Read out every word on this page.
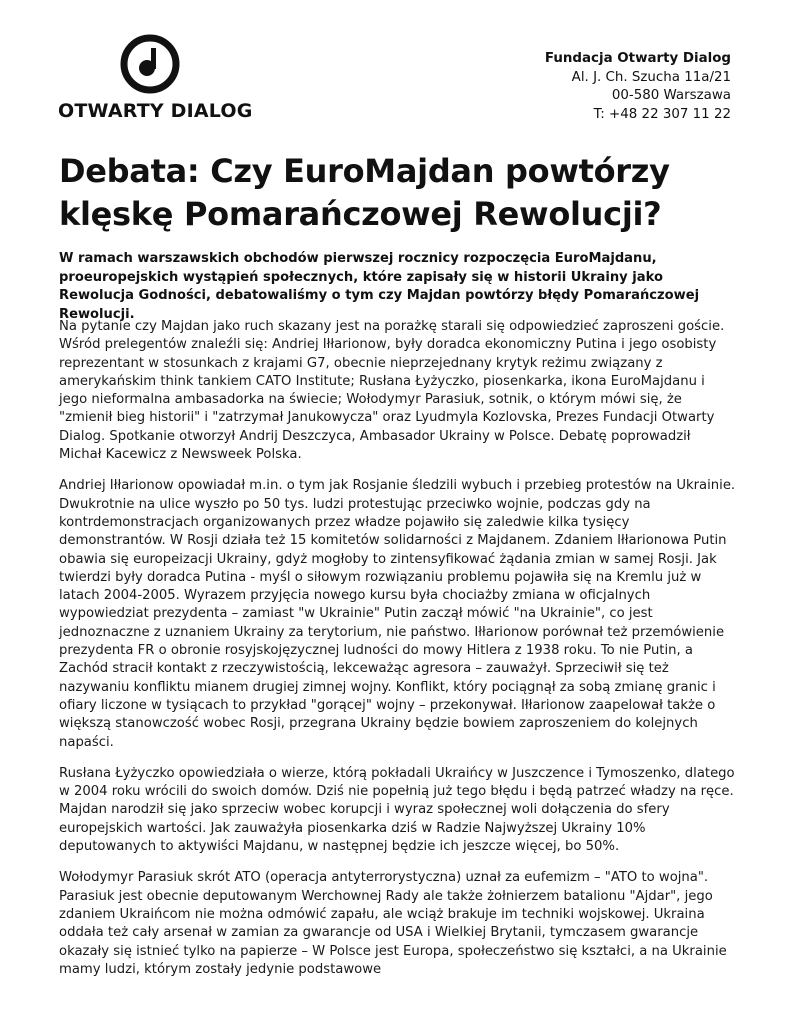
OTWARTY DIALOG
Fundacja Otwarty Dialog
Al. J. Ch. Szucha 11a/21
00-580 Warszawa
T: +48 22 307 11 22
Debata: Czy EuroMajdan powtórzy klęskę Pomarańczowej Rewolucji?

W ramach warszawskich obchodów pierwszej rocznicy rozpoczęcia EuroMajdanu, proeuropejskich wystąpień społecznych, które zapisały się w historii Ukrainy jako Rewolucja Godności, debatowaliśmy o tym czy Majdan powtórzy błędy Pomarańczowej Rewolucji.

Na pytanie czy Majdan jako ruch skazany jest na porażkę starali się odpowiedzieć zaproszeni goście. Wśród prelegentów znaleźli się: Andriej Iłłarionow, były doradca ekonomiczny Putina i jego osobisty reprezentant w stosunkach z krajami G7, obecnie nieprzejednany krytyk reżimu związany z amerykańskim think tankiem CATO Institute; Rusłana Łyżyczko, piosenkarka, ikona EuroMajdanu i jego nieformalna ambasadorka na świecie; Wołodymyr Parasiuk, sotnik, o którym mówi się, że "zmienił bieg historii" i "zatrzymał Janukowycza" oraz Lyudmyla Kozlovska, Prezes Fundacji Otwarty Dialog. Spotkanie otworzył Andrij Deszczyca, Ambasador Ukrainy w Polsce. Debatę poprowadził Michał Kacewicz z Newsweek Polska.

Andriej Iłłarionow opowiadał m.in. o tym jak Rosjanie śledzili wybuch i przebieg protestów na Ukrainie. Dwukrotnie na ulice wyszło po 50 tys. ludzi protestując przeciwko wojnie, podczas gdy na kontrdemonstracjach organizowanych przez władze pojawiło się zaledwie kilka tysięcy demonstrantów. W Rosji działa też 15 komitetów solidarności z Majdanem. Zdaniem Iłłarionowa Putin obawia się europeizacji Ukrainy, gdyż mogłoby to zintensyfikować żądania zmian w samej Rosji. Jak twierdzi były doradca Putina - myśl o siłowym rozwiązaniu problemu pojawiła się na Kremlu już w latach 2004-2005. Wyrazem przyjęcia nowego kursu była chociażby zmiana w oficjalnych wypowiedziat prezydenta – zamiast "w Ukrainie" Putin zaczął mówić "na Ukrainie", co jest jednoznaczne z uznaniem Ukrainy za terytorium, nie państwo. Iłłarionow porównał też przemówienie prezydenta FR o obronie rosyjskojęzycznej ludności do mowy Hitlera z 1938 roku. To nie Putin, a Zachód stracił kontakt z rzeczywistością, lekceważąc agresora – zauważył. Sprzeciwił się też nazywaniu konfliktu mianem drugiej zimnej wojny. Konflikt, który pociągnął za sobą zmianę granic i ofiary liczone w tysiącach to przykład "gorącej" wojny – przekonywał. Iłłarionow zaapelował także o większą stanowczość wobec Rosji, przegrana Ukrainy będzie bowiem zaproszeniem do kolejnych napaści.

Rusłana Łyżyczko opowiedziała o wierze, którą pokładali Ukraińcy w Juszczence i Tymoszenko, dlatego w 2004 roku wrócili do swoich domów. Dziś nie popełnią już tego błędu i będą patrzeć władzy na ręce. Majdan narodził się jako sprzeciw wobec korupcji i wyraz społecznej woli dołączenia do sfery europejskich wartości. Jak zauważyła piosenkarka dziś w Radzie Najwyższej Ukrainy 10% deputowanych to aktywiści Majdanu, w następnej będzie ich jeszcze więcej, bo 50%.

Wołodymyr Parasiuk skrót ATO (operacja antyterrorystyczna) uznał za eufemizm – "ATO to wojna". Parasiuk jest obecnie deputowanym Werchownej Rady ale także żołnierzem batalionu "Ajdar", jego zdaniem Ukraińcom nie można odmówić zapału, ale wciąż brakuje im techniki wojskowej. Ukraina oddała też cały arsenał w zamian za gwarancje od USA i Wielkiej Brytanii, tymczasem gwarancje okazały się istnieć tylko na papierze – W Polsce jest Europa, społeczeństwo się kształci, a na Ukrainie mamy ludzi, którym zostały jedynie podstawowe
